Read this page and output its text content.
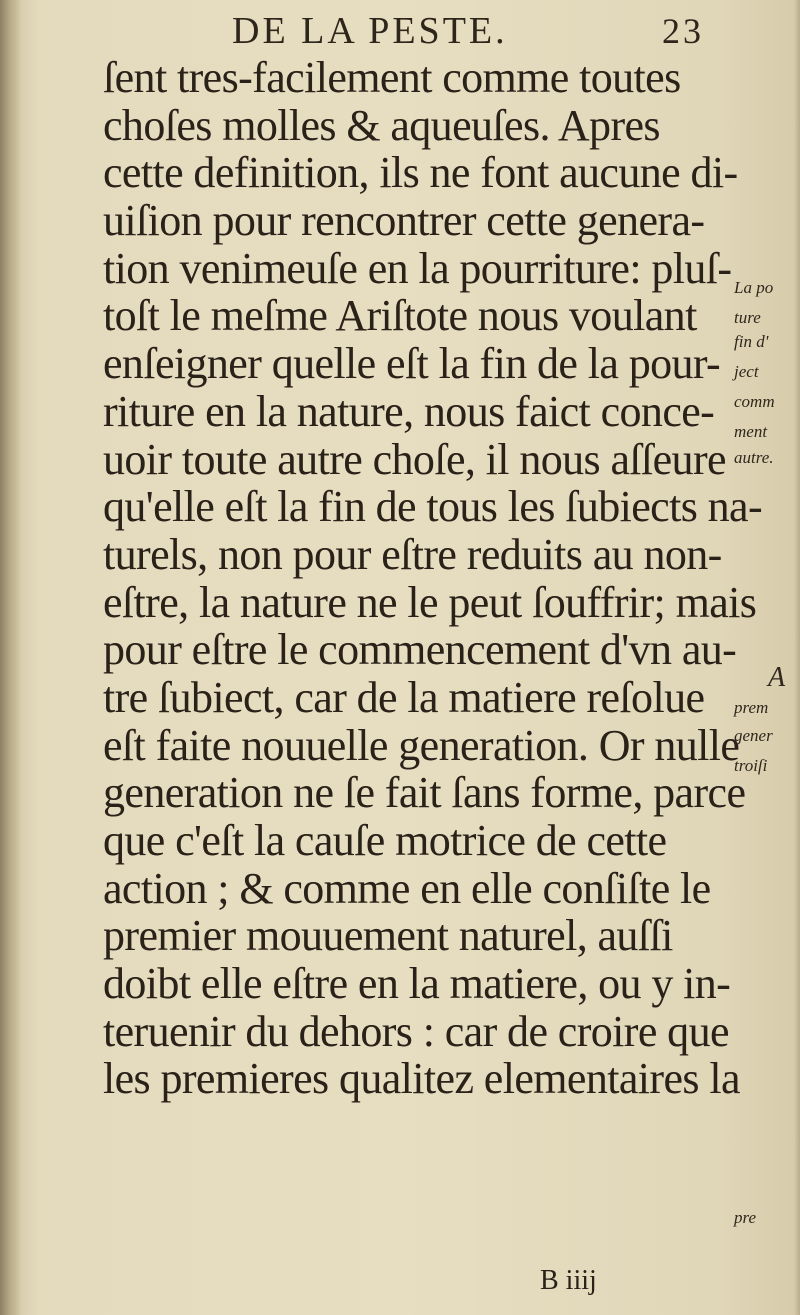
DE LA PESTE.	23
ſent tres-facilement comme toutes
choſes molles & aqueuſes. Apres
cette definition, ils ne font aucune di-
uiſion pour rencontrer cette genera-
tion venimeuſe en la pourriture: pluſ-
toſt le meſme Ariſtote nous voulant
enſeigner quelle eſt la fin de la pour-
riture en la nature, nous faict conce-
uoir toute autre choſe, il nous aſſeure
qu'elle eſt la fin de tous les ſubiects na-
turels, non pour eſtre reduits au non-
eſtre, la nature ne le peut ſouffrir; mais
pour eſtre le commencement d'vn au-
tre ſubiect, car de la matiere reſolue
eſt faite nouuelle generation. Or nulle
generation ne ſe fait ſans forme, parce
que c'eſt la cauſe motrice de cette
action ; & comme en elle conſiſte le
premier mouuement naturel, auſſi
doibt elle eſtre en la matiere, ou y in-
teruenir du dehors : car de croire que
les premieres qualitez elementaires la
La po
ture
fin d'
ject
comm
ment
autre.
A
prem
gener
troiſi
pre
B iiij
